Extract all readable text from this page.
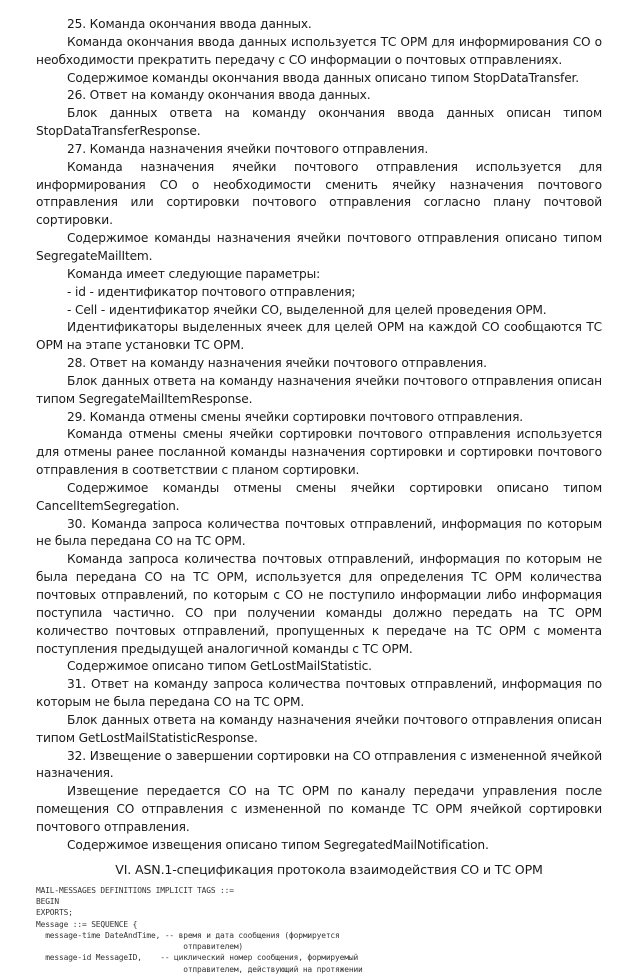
25. Команда окончания ввода данных.

Команда окончания ввода данных используется ТС ОРМ для информирования СО о необходимости прекратить передачу с СО информации о почтовых отправлениях.

Содержимое команды окончания ввода данных описано типом StopDataTransfer.

26. Ответ на команду окончания ввода данных.

Блок данных ответа на команду окончания ввода данных описан типом StopDataTransferResponse.

27. Команда назначения ячейки почтового отправления.

Команда назначения ячейки почтового отправления используется для информирования СО о необходимости сменить ячейку назначения почтового отправления или сортировки почтового отправления согласно плану почтовой сортировки.

Содержимое команды назначения ячейки почтового отправления описано типом SegregateMailItem.

Команда имеет следующие параметры:

- id - идентификатор почтового отправления;

- Cell - идентификатор ячейки СО, выделенной для целей проведения ОРМ.

Идентификаторы выделенных ячеек для целей ОРМ на каждой СО сообщаются ТС ОРМ на этапе установки ТС ОРМ.

28. Ответ на команду назначения ячейки почтового отправления.

Блок данных ответа на команду назначения ячейки почтового отправления описан типом SegregateMailItemResponse.

29. Команда отмены смены ячейки сортировки почтового отправления.

Команда отмены смены ячейки сортировки почтового отправления используется для отмены ранее посланной команды назначения сортировки и сортировки почтового отправления в соответствии с планом сортировки.

Содержимое команды отмены смены ячейки сортировки описано типом CancelItemSegregation.

30. Команда запроса количества почтовых отправлений, информация по которым не была передана СО на ТС ОРМ.

Команда запроса количества почтовых отправлений, информация по которым не была передана СО на ТС ОРМ, используется для определения ТС ОРМ количества почтовых отправлений, по которым с СО не поступило информации либо информация поступила частично. СО при получении команды должно передать на ТС ОРМ количество почтовых отправлений, пропущенных к передаче на ТС ОРМ с момента поступления предыдущей аналогичной команды с ТС ОРМ.

Содержимое описано типом GetLostMailStatistic.

31. Ответ на команду запроса количества почтовых отправлений, информация по которым не была передана СО на ТС ОРМ.

Блок данных ответа на команду назначения ячейки почтового отправления описан типом GetLostMailStatisticResponse.

32. Извещение о завершении сортировки на СО отправления с измененной ячейкой назначения.

Извещение передается СО на ТС ОРМ по каналу передачи управления после помещения СО отправления с измененной по команде ТС ОРМ ячейкой сортировки почтового отправления.

Содержимое извещения описано типом SegregatedMailNotification.

VI. ASN.1-спецификация протокола взаимодействия СО и ТС ОРМ

MAIL-MESSAGES DEFINITIONS IMPLICIT TAGS ::=
BEGIN
EXPORTS;
Message ::= SEQUENCE {
message-time DateAndTime, -- время и дата сообщения (формируется
отправителем)
message-id MessageID,    -- циклический номер сообщения, формируемый
отправителем, действующий на протяжении
